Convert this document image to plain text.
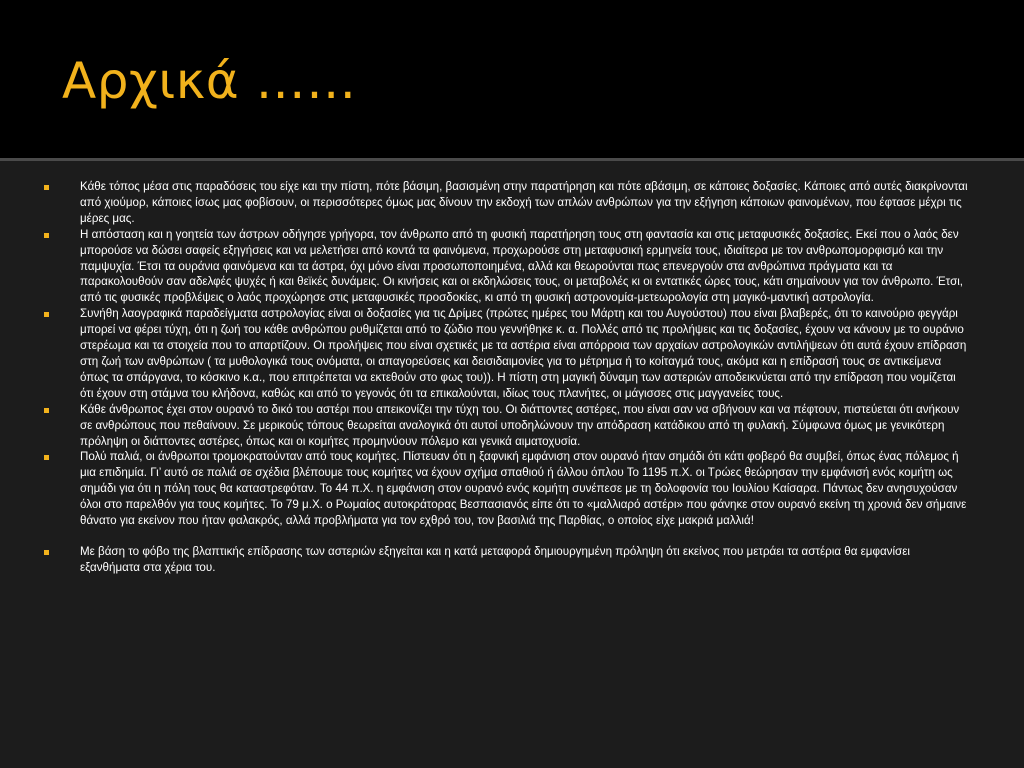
Αρχικά ……
Κάθε τόπος μέσα στις παραδόσεις του είχε και την πίστη, πότε βάσιμη, βασισμένη στην παρατήρηση και πότε αβάσιμη, σε κάποιες δοξασίες. Κάποιες από αυτές διακρίνονται από χιούμορ, κάποιες ίσως μας φοβίσουν, οι περισσότερες όμως μας δίνουν την εκδοχή των απλών ανθρώπων για την εξήγηση κάποιων φαινομένων, που έφτασε μέχρι τις μέρες μας.
Η απόσταση και η γοητεία των άστρων οδήγησε γρήγορα, τον άνθρωπο από τη φυσική παρατήρηση τους στη φαντασία και στις μεταφυσικές δοξασίες. Εκεί που ο λαός δεν μπορούσε να δώσει σαφείς εξηγήσεις και να μελετήσει από κοντά τα φαινόμενα, προχωρούσε στη μεταφυσική ερμηνεία τους, ιδιαίτερα με τον ανθρωπομορφισμό και την παμψυχία. Έτσι τα ουράνια φαινόμενα και τα άστρα, όχι μόνο είναι προσωποποιημένα, αλλά και θεωρούνται πως επενεργούν στα ανθρώπινα πράγματα και τα παρακολουθούν σαν αδελφές ψυχές ή και θεϊκές δυνάμεις. Οι κινήσεις και οι εκδηλώσεις τους, οι μεταβολές κι οι εντατικές ώρες τους, κάτι σημαίνουν για τον άνθρωπο. Έτσι, από τις φυσικές προβλέψεις ο λαός προχώρησε στις μεταφυσικές προσδοκίες, κι από τη φυσική αστρονομία-μετεωρολογία στη μαγικό-μαντική αστρολογία.
Συνήθη λαογραφικά παραδείγματα αστρολογίας είναι οι δοξασίες για τις Δρίμες (πρώτες ημέρες του Μάρτη και του Αυγούστου) που είναι βλαβερές, ότι το καινούριο φεγγάρι μπορεί να φέρει τύχη, ότι η ζωή του κάθε ανθρώπου ρυθμίζεται από το ζώδιο που γεννήθηκε κ. α. Πολλές από τις προλήψεις και τις δοξασίες, έχουν να κάνουν με το ουράνιο στερέωμα και τα στοιχεία που το απαρτίζουν. Οι προλήψεις που είναι σχετικές με τα αστέρια είναι απόρροια των αρχαίων αστρολογικών αντιλήψεων ότι αυτά έχουν επίδραση στη ζωή των ανθρώπων ( τα μυθολογικά τους ονόματα, οι απαγορεύσεις και δεισιδαιμονίες για το μέτρημα ή το κοίταγμά τους, ακόμα και η επίδρασή τους σε αντικείμενα όπως τα σπάργανα, το κόσκινο κ.α., που επιτρέπεται να εκτεθούν στο φως του)). Η πίστη στη μαγική δύναμη των αστεριών αποδεικνύεται από την επίδραση που νομίζεται ότι έχουν στη στάμνα του κλήδονα, καθώς και από το γεγονός ότι τα επικαλούνται, ιδίως τους πλανήτες, οι μάγισσες στις μαγγανείες τους.
Κάθε άνθρωπος έχει στον ουρανό το δικό του αστέρι που απεικονίζει την τύχη του. Οι διάττοντες αστέρες, που είναι σαν να σβήνουν και να πέφτουν, πιστεύεται ότι ανήκουν σε ανθρώπους που πεθαίνουν. Σε μερικούς τόπους θεωρείται αναλογικά ότι αυτοί υποδηλώνουν την απόδραση κατάδικου από τη φυλακή. Σύμφωνα όμως με γενικότερη πρόληψη οι διάττοντες αστέρες, όπως και οι κομήτες προμηνύουν πόλεμο και γενικά αιματοχυσία.
Πολύ παλιά, οι άνθρωποι τρομοκρατούνταν από τους κομήτες. Πίστευαν ότι η ξαφνική εμφάνιση στον ουρανό ήταν σημάδι ότι κάτι φοβερό θα συμβεί, όπως ένας πόλεμος ή μια επιδημία. Γι’ αυτό σε παλιά σε σχέδια βλέπουμε τους κομήτες να έχουν σχήμα σπαθιού ή άλλου όπλου Το 1195 π.Χ. οι Τρώες θεώρησαν την εμφάνισή ενός κομήτη ως σημάδι για ότι η πόλη τους θα καταστρεφόταν. Το 44 π.Χ. η εμφάνιση στον ουρανό ενός κομήτη συνέπεσε με τη δολοφονία του Ιουλίου Καίσαρα. Πάντως δεν ανησυχούσαν όλοι στο παρελθόν για τους κομήτες. Το 79 μ.Χ. ο Ρωμαίος αυτοκράτορας Βεσπασιανός είπε ότι το «μαλλιαρό αστέρι» που φάνηκε στον ουρανό εκείνη τη χρονιά δεν σήμαινε θάνατο για εκείνον που ήταν φαλακρός, αλλά προβλήματα για τον εχθρό του, τον βασιλιά της Παρθίας, ο οποίος είχε μακριά μαλλιά!
Με βάση το φόβο της βλαπτικής επίδρασης των αστεριών εξηγείται και η κατά μεταφορά δημιουργημένη πρόληψη ότι εκείνος που μετράει τα αστέρια θα εμφανίσει εξανθήματα στα χέρια του.
